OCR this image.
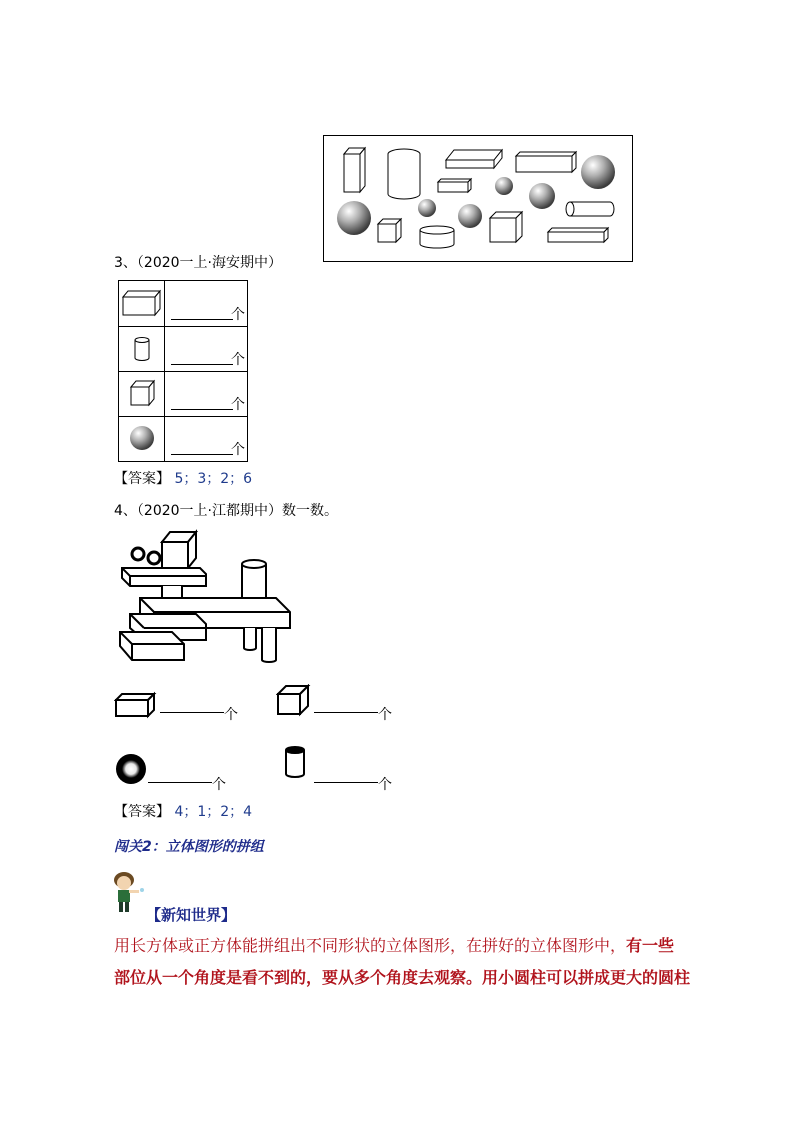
3、（2020一上·海安期中）
个
个
个
个
【答案】 5；3；2；6
4、（2020一上·江都期中）数一数。
个	个
个	个
【答案】 4；1；2；4
闯关2：立体图形的拼组
【新知世界】
用长方体或正方体能拼组出不同形状的立体图形，在拼好的立体图形中，有一些部位从一个角度是看不到的，要从多个角度去观察。用小圆柱可以拼成更大的圆柱
